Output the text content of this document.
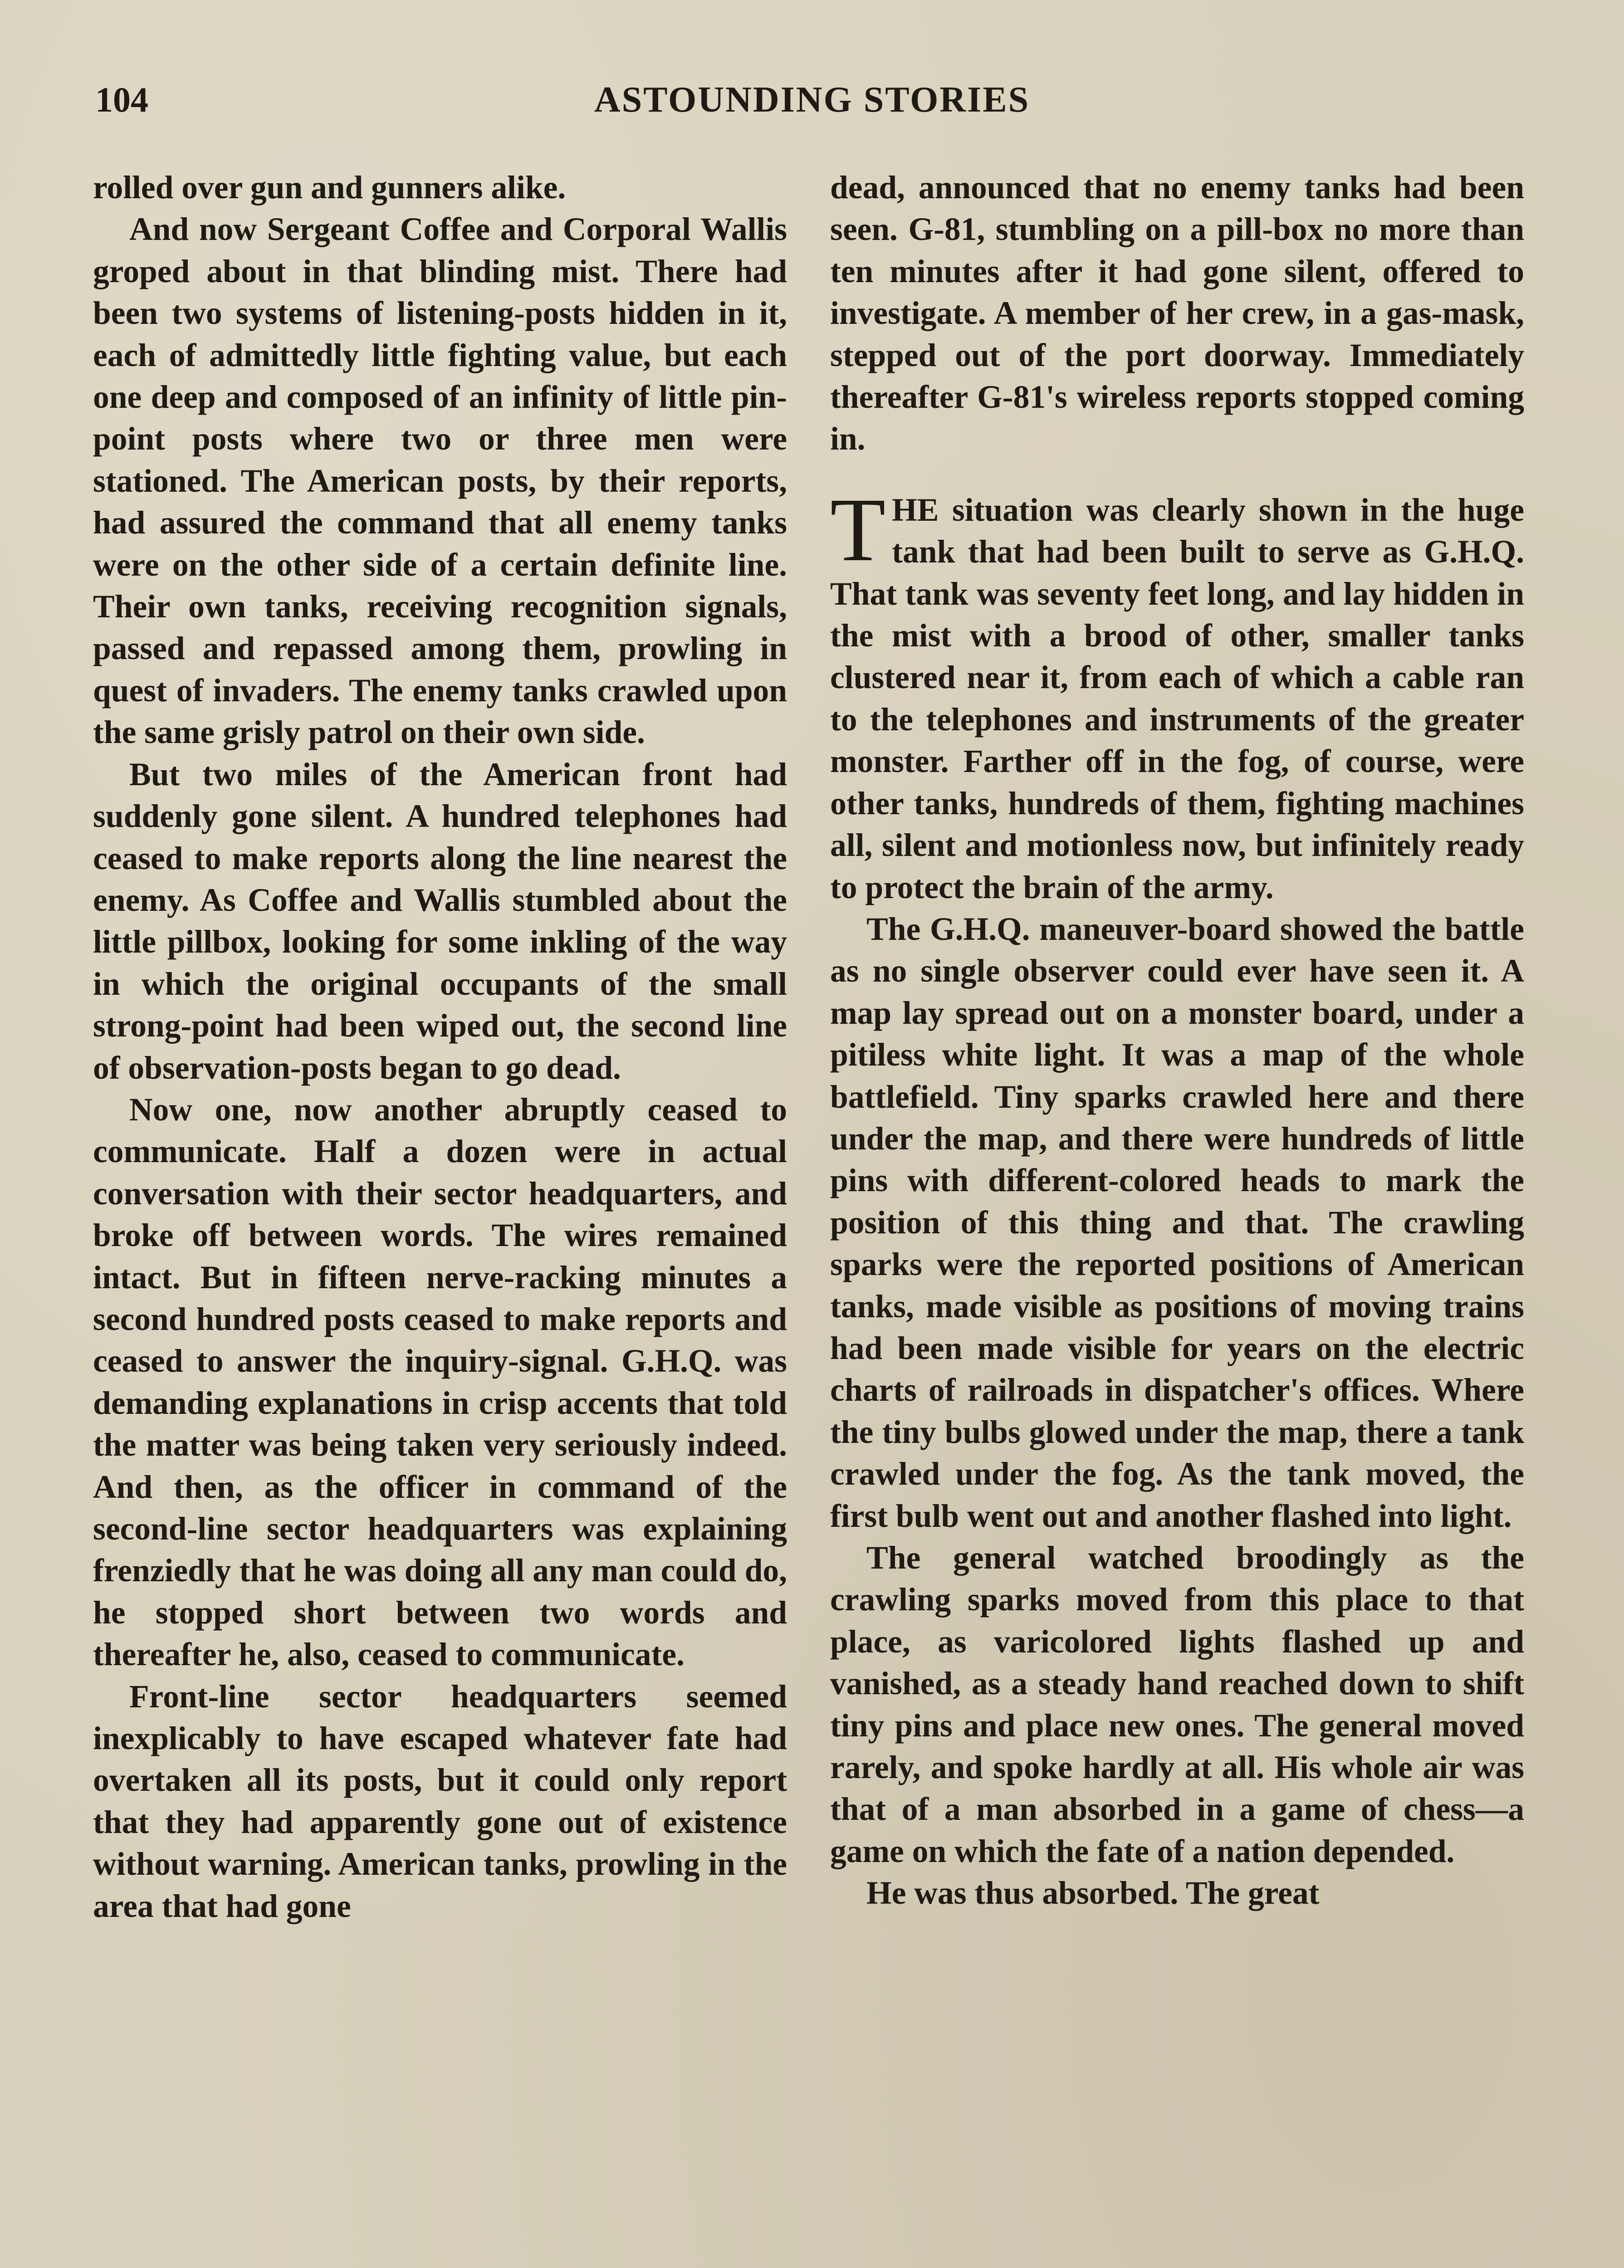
104	ASTOUNDING STORIES

rolled over gun and gunners alike.

And now Sergeant Coffee and Corporal Wallis groped about in that blinding mist. There had been two systems of listening-posts hidden in it, each of admittedly little fighting value, but each one deep and composed of an infinity of little pin-point posts where two or three men were stationed. The American posts, by their reports, had assured the command that all enemy tanks were on the other side of a certain definite line. Their own tanks, receiving recognition signals, passed and repassed among them, prowling in quest of invaders. The enemy tanks crawled upon the same grisly patrol on their own side.

But two miles of the American front had suddenly gone silent. A hundred telephones had ceased to make reports along the line nearest the enemy. As Coffee and Wallis stumbled about the little pillbox, looking for some inkling of the way in which the original occupants of the small strong-point had been wiped out, the second line of observation-posts began to go dead.

Now one, now another abruptly ceased to communicate. Half a dozen were in actual conversation with their sector headquarters, and broke off between words. The wires remained intact. But in fifteen nerve-racking minutes a second hundred posts ceased to make reports and ceased to answer the inquiry-signal. G.H.Q. was demanding explanations in crisp accents that told the matter was being taken very seriously indeed. And then, as the officer in command of the second-line sector headquarters was explaining frenziedly that he was doing all any man could do, he stopped short between two words and thereafter he, also, ceased to communicate.

Front-line sector headquarters seemed inexplicably to have escaped whatever fate had overtaken all its posts, but it could only report that they had apparently gone out of existence without warning. American tanks, prowling in the area that had gone

dead, announced that no enemy tanks had been seen. G-81, stumbling on a pill-box no more than ten minutes after it had gone silent, offered to investigate. A member of her crew, in a gas-mask, stepped out of the port doorway. Immediately thereafter G-81's wireless reports stopped coming in.

THE situation was clearly shown in the huge tank that had been built to serve as G.H.Q. That tank was seventy feet long, and lay hidden in the mist with a brood of other, smaller tanks clustered near it, from each of which a cable ran to the telephones and instruments of the greater monster. Farther off in the fog, of course, were other tanks, hundreds of them, fighting machines all, silent and motionless now, but infinitely ready to protect the brain of the army.

The G.H.Q. maneuver-board showed the battle as no single observer could ever have seen it. A map lay spread out on a monster board, under a pitiless white light. It was a map of the whole battlefield. Tiny sparks crawled here and there under the map, and there were hundreds of little pins with different-colored heads to mark the position of this thing and that. The crawling sparks were the reported positions of American tanks, made visible as positions of moving trains had been made visible for years on the electric charts of railroads in dispatcher's offices. Where the tiny bulbs glowed under the map, there a tank crawled under the fog. As the tank moved, the first bulb went out and another flashed into light.

The general watched broodingly as the crawling sparks moved from this place to that place, as varicolored lights flashed up and vanished, as a steady hand reached down to shift tiny pins and place new ones. The general moved rarely, and spoke hardly at all. His whole air was that of a man absorbed in a game of chess—a game on which the fate of a nation depended.

He was thus absorbed. The great
